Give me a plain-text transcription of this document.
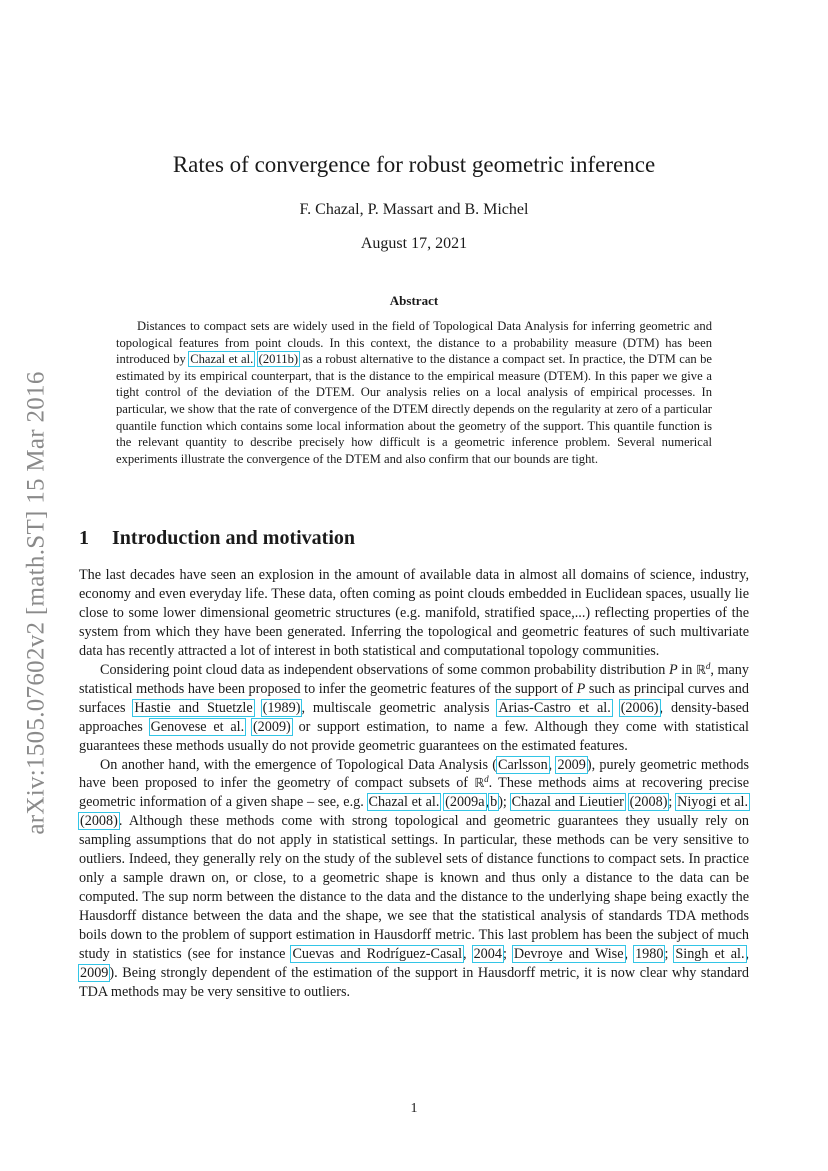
arXiv:1505.07602v2 [math.ST] 15 Mar 2016
Rates of convergence for robust geometric inference
F. Chazal, P. Massart and B. Michel
August 17, 2021
Abstract

Distances to compact sets are widely used in the field of Topological Data Analysis for inferring geometric and topological features from point clouds. In this context, the distance to a probability measure (DTM) has been introduced by Chazal et al. (2011b) as a robust alternative to the distance a compact set. In practice, the DTM can be estimated by its empirical counterpart, that is the distance to the empirical measure (DTEM). In this paper we give a tight control of the deviation of the DTEM. Our analysis relies on a local analysis of empirical processes. In particular, we show that the rate of convergence of the DTEM directly depends on the regularity at zero of a particular quantile function which contains some local information about the geometry of the support. This quantile function is the relevant quantity to describe precisely how difficult is a geometric inference problem. Several numerical experiments illustrate the convergence of the DTEM and also confirm that our bounds are tight.

1 Introduction and motivation

The last decades have seen an explosion in the amount of available data in almost all domains of science, industry, economy and even everyday life. These data, often coming as point clouds embedded in Euclidean spaces, usually lie close to some lower dimensional geometric structures (e.g. manifold, stratified space,...) reflecting properties of the system from which they have been generated. Inferring the topological and geometric features of such multivariate data has recently attracted a lot of interest in both statistical and computational topology communities.

Considering point cloud data as independent observations of some common probability distribution P in ℝ$^d$, many statistical methods have been proposed to infer the geometric features of the support of P such as principal curves and surfaces Hastie and Stuetzle (1989), multiscale geometric analysis Arias-Castro et al. (2006), density-based approaches Genovese et al. (2009) or support estimation, to name a few. Although they come with statistical guarantees these methods usually do not provide geometric guarantees on the estimated features.

On another hand, with the emergence of Topological Data Analysis (Carlsson, 2009), purely geometric methods have been proposed to infer the geometry of compact subsets of ℝ$^d$. These methods aims at recovering precise geometric information of a given shape – see, e.g. Chazal et al. (2009a,b); Chazal and Lieutier (2008); Niyogi et al. (2008). Although these methods come with strong topological and geometric guarantees they usually rely on sampling assumptions that do not apply in statistical settings. In particular, these methods can be very sensitive to outliers. Indeed, they generally rely on the study of the sublevel sets of distance functions to compact sets. In practice only a sample drawn on, or close, to a geometric shape is known and thus only a distance to the data can be computed. The sup norm between the distance to the data and the distance to the underlying shape being exactly the Hausdorff distance between the data and the shape, we see that the statistical analysis of standards TDA methods boils down to the problem of support estimation in Hausdorff metric. This last problem has been the subject of much study in statistics (see for instance Cuevas and Rodríguez-Casal, 2004; Devroye and Wise, 1980; Singh et al., 2009). Being strongly dependent of the estimation of the support in Hausdorff metric, it is now clear why standard TDA methods may be very sensitive to outliers.

1
